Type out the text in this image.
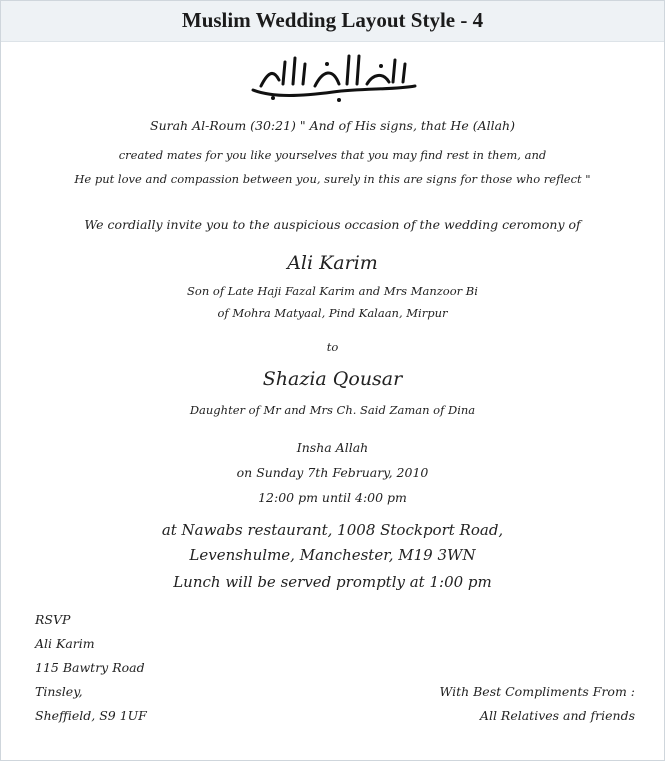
Muslim Wedding Layout Style - 4
Surah Al-Roum (30:21) " And of His signs, that He (Allah)
created mates for you like yourselves that you may find rest in them, and
He put love and compassion between you, surely in this are signs for those who reflect "
We cordially invite you to the auspicious occasion of the wedding ceromony of
Ali Karim
Son of Late Haji Fazal Karim and Mrs Manzoor Bi
of Mohra Matyaal, Pind Kalaan, Mirpur
to
Shazia Qousar
Daughter of Mr and Mrs Ch. Said Zaman of Dina
Insha Allah
on Sunday 7th February, 2010
12:00 pm until 4:00 pm
at Nawabs restaurant, 1008 Stockport Road,
Levenshulme, Manchester, M19 3WN
Lunch will be served promptly at 1:00 pm
RSVP
Ali Karim
115 Bawtry Road
Tinsley,
Sheffield, S9 1UF
With Best Compliments From :
All Relatives and friends
